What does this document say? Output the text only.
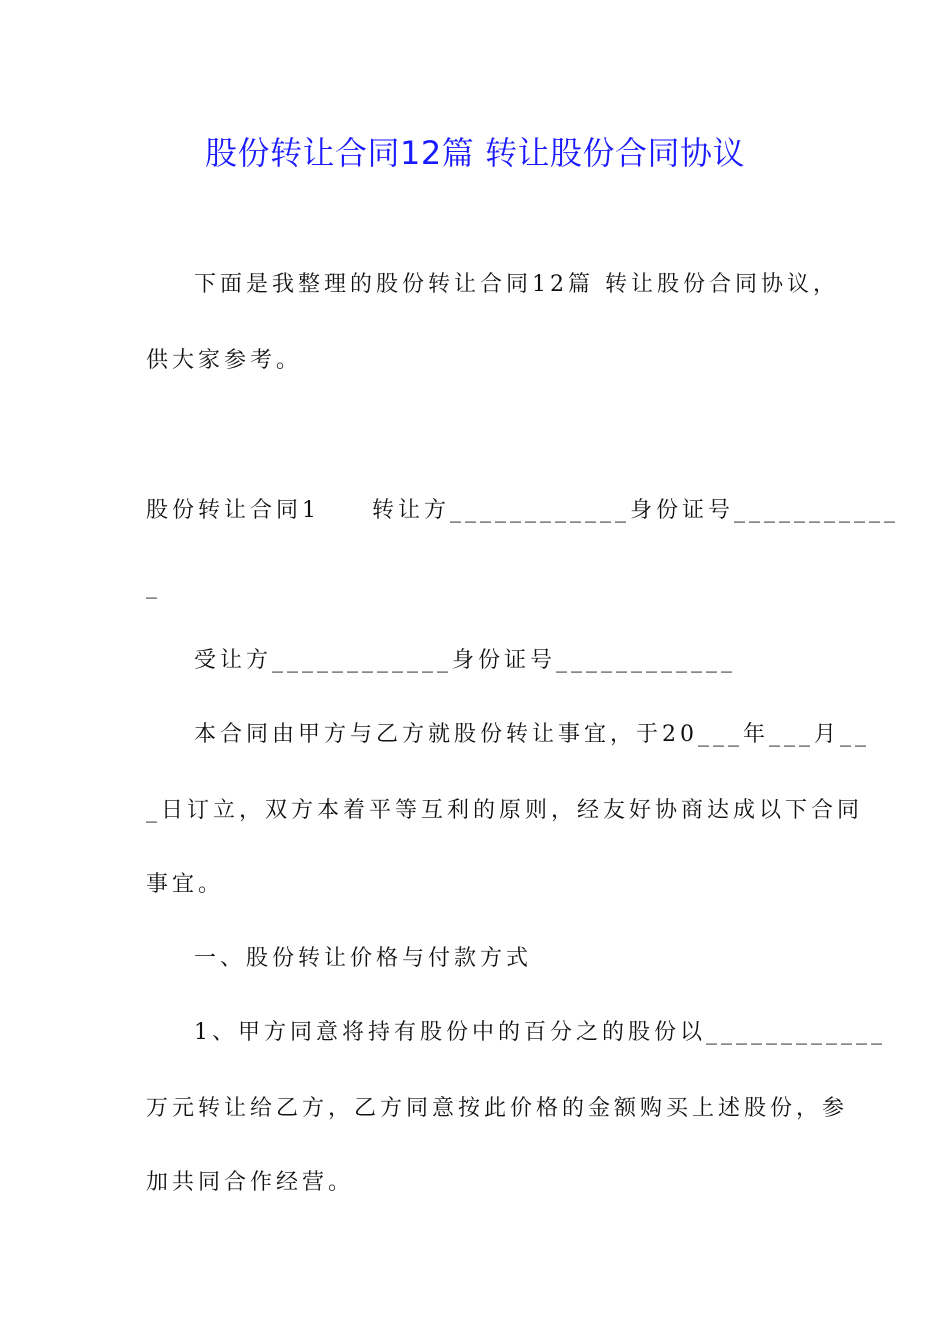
股份转让合同12篇 转让股份合同协议
下面是我整理的股份转让合同12篇 转让股份合同协议，
供大家参考。
股份转让合同1　　转让方____________身份证号___________
_
受让方____________身份证号____________
本合同由甲方与乙方就股份转让事宜，于20___年___月__
_日订立，双方本着平等互利的原则，经友好协商达成以下合同
事宜。
一、股份转让价格与付款方式
1、甲方同意将持有股份中的百分之的股份以____________
万元转让给乙方，乙方同意按此价格的金额购买上述股份，参
加共同合作经营。
